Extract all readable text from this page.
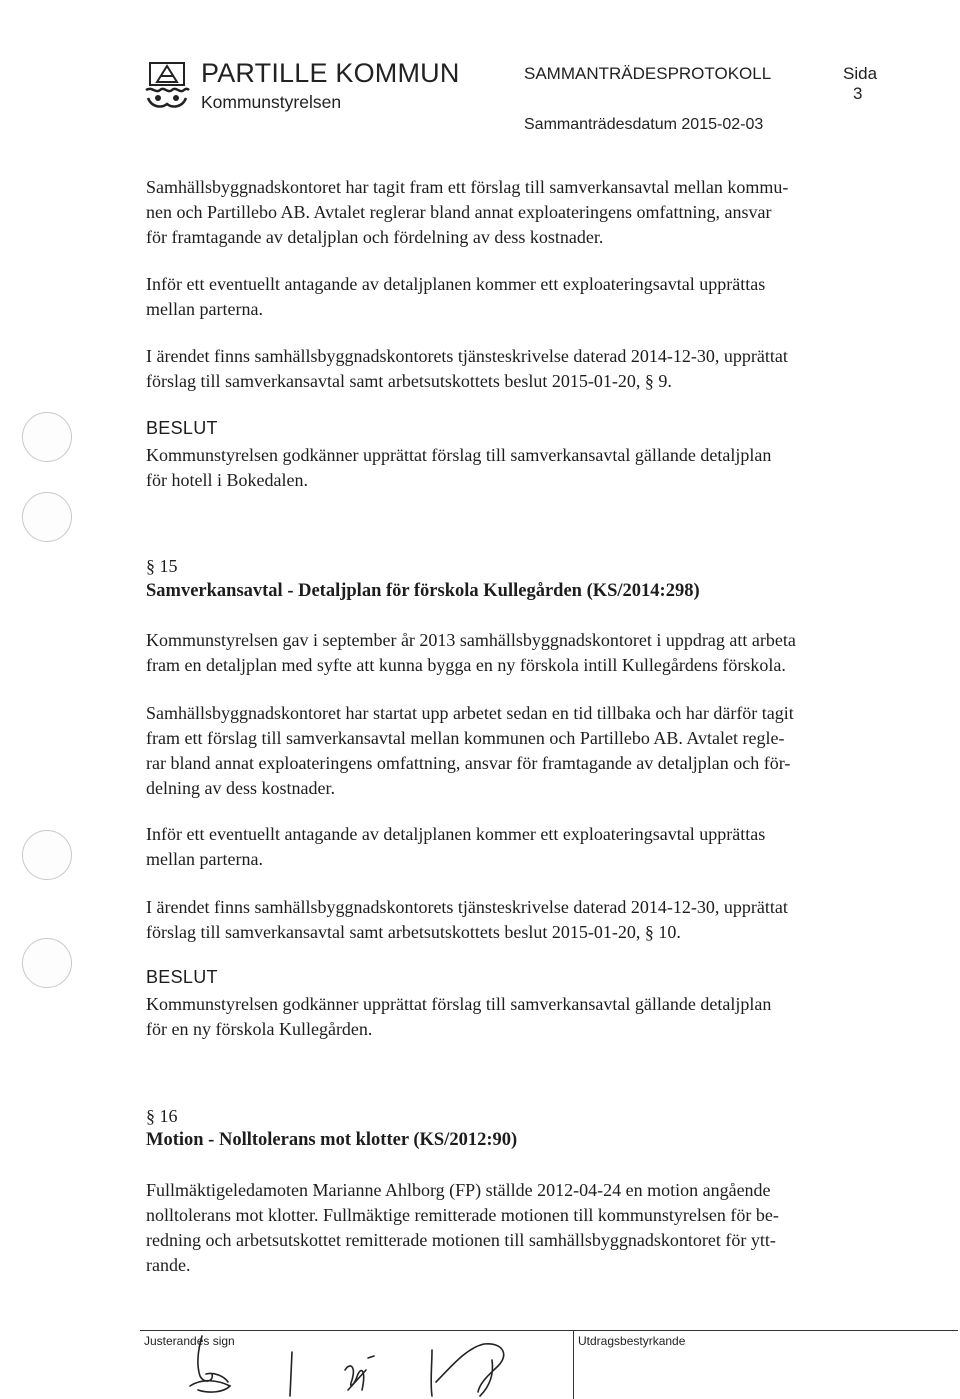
PARTILLE KOMMUN
Kommunstyrelsen
SAMMANTRÄDESPROTOKOLL	Sida
3
Sammanträdesdatum 2015-02-03

Samhällsbyggnadskontoret har tagit fram ett förslag till samverkansavtal mellan kommu-
nen och Partillebo AB. Avtalet reglerar bland annat exploateringens omfattning, ansvar
för framtagande av detaljplan och fördelning av dess kostnader.

Inför ett eventuellt antagande av detaljplanen kommer ett exploateringsavtal upprättas
mellan parterna.

I ärendet finns samhällsbyggnadskontorets tjänsteskrivelse daterad 2014-12-30, upprättat
förslag till samverkansavtal samt arbetsutskottets beslut 2015-01-20, § 9.

BESLUT

Kommunstyrelsen godkänner upprättat förslag till samverkansavtal gällande detaljplan
för hotell i Bokedalen.

§ 15
Samverkansavtal - Detaljplan för förskola Kullegården (KS/2014:298)

Kommunstyrelsen gav i september år 2013 samhällsbyggnadskontoret i uppdrag att arbeta
fram en detaljplan med syfte att kunna bygga en ny förskola intill Kullegårdens förskola.

Samhällsbyggnadskontoret har startat upp arbetet sedan en tid tillbaka och har därför tagit
fram ett förslag till samverkansavtal mellan kommunen och Partillebo AB. Avtalet regle-
rar bland annat exploateringens omfattning, ansvar för framtagande av detaljplan och för-
delning av dess kostnader.

Inför ett eventuellt antagande av detaljplanen kommer ett exploateringsavtal upprättas
mellan parterna.

I ärendet finns samhällsbyggnadskontorets tjänsteskrivelse daterad 2014-12-30, upprättat
förslag till samverkansavtal samt arbetsutskottets beslut 2015-01-20, § 10.

BESLUT

Kommunstyrelsen godkänner upprättat förslag till samverkansavtal gällande detaljplan
för en ny förskola Kullegården.

§ 16
Motion - Nolltolerans mot klotter (KS/2012:90)

Fullmäktigeledamoten Marianne Ahlborg (FP) ställde 2012-04-24 en motion angående
nolltolerans mot klotter. Fullmäktige remitterade motionen till kommunstyrelsen för be-
redning och arbetsutskottet remitterade motionen till samhällsbyggnadskontoret för ytt-
rande.

Justerandes sign	Utdragsbestyrkande
